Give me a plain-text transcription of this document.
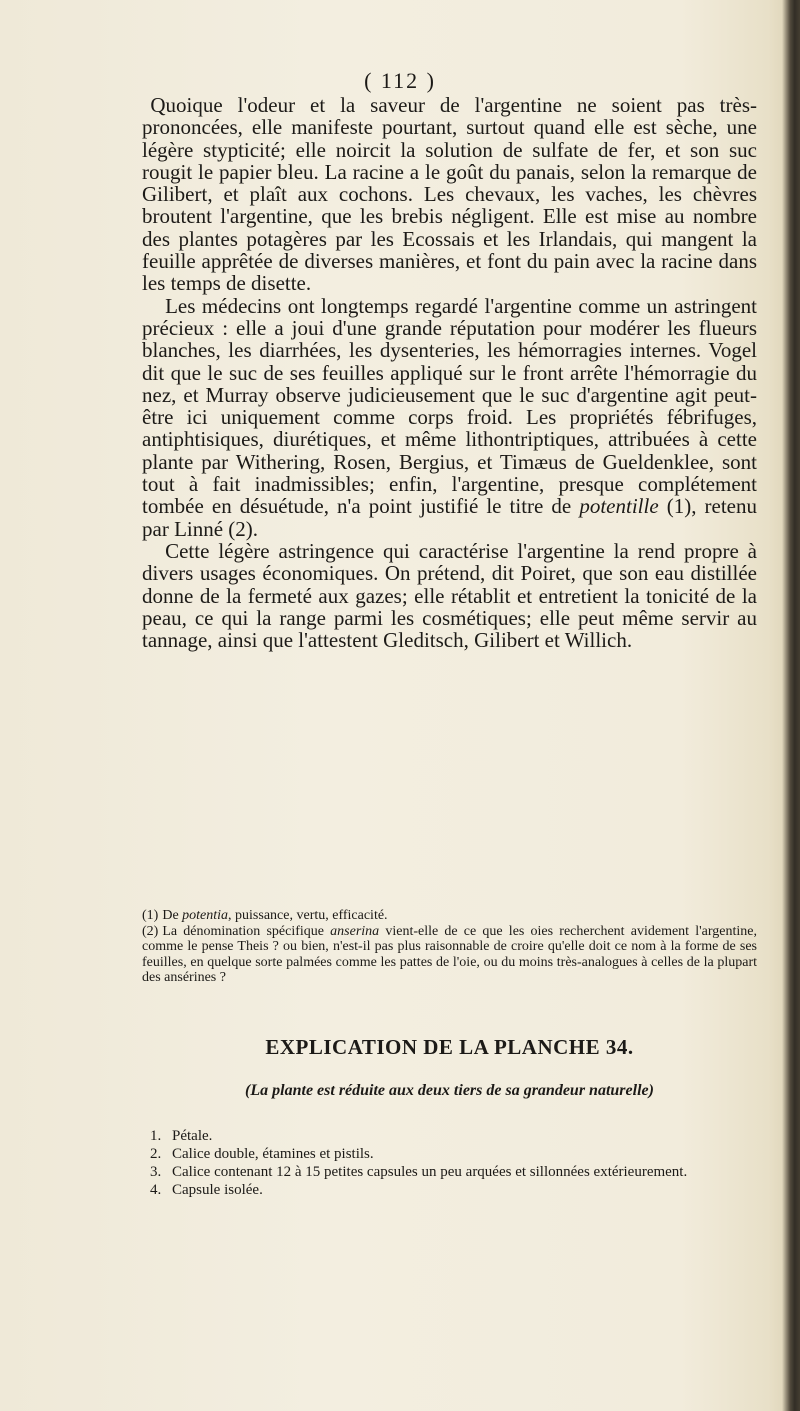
( 112 )

Quoique l'odeur et la saveur de l'argentine ne soient pas très-prononcées, elle manifeste pourtant, surtout quand elle est sèche, une légère stypticité; elle noircit la solution de sulfate de fer, et son suc rougit le papier bleu. La racine a le goût du panais, selon la remarque de Gilibert, et plaît aux cochons. Les chevaux, les vaches, les chèvres broutent l'argentine, que les brebis négligent. Elle est mise au nombre des plantes potagères par les Ecossais et les Irlandais, qui mangent la feuille apprêtée de diverses manières, et font du pain avec la racine dans les temps de disette.

Les médecins ont longtemps regardé l'argentine comme un astringent précieux : elle a joui d'une grande réputation pour modérer les flueurs blanches, les diarrhées, les dysenteries, les hémorragies internes. Vogel dit que le suc de ses feuilles appliqué sur le front arrête l'hémorragie du nez, et Murray observe judicieusement que le suc d'argentine agit peut-être ici uniquement comme corps froid. Les propriétés fébrifuges, antiphtisiques, diurétiques, et même lithontriptiques, attribuées à cette plante par Withering, Rosen, Bergius, et Timæus de Gueldenklee, sont tout à fait inadmissibles; enfin, l'argentine, presque complétement tombée en désuétude, n'a point justifié le titre de potentille (1), retenu par Linné (2).

Cette légère astringence qui caractérise l'argentine la rend propre à divers usages économiques. On prétend, dit Poiret, que son eau distillée donne de la fermeté aux gazes; elle rétablit et entretient la tonicité de la peau, ce qui la range parmi les cosmétiques; elle peut même servir au tannage, ainsi que l'attestent Gleditsch, Gilibert et Willich.

(1) De potentia, puissance, vertu, efficacité.

(2) La dénomination spécifique anserina vient-elle de ce que les oies recherchent avidement l'argentine, comme le pense Theis ? ou bien, n'est-il pas plus raisonnable de croire qu'elle doit ce nom à la forme de ses feuilles, en quelque sorte palmées comme les pattes de l'oie, ou du moins très-analogues à celles de la plupart des ansérines ?

EXPLICATION DE LA PLANCHE 34.
(La plante est réduite aux deux tiers de sa grandeur naturelle)

1. Pétale.

2. Calice double, étamines et pistils.

3. Calice contenant 12 à 15 petites capsules un peu arquées et sillonnées extérieurement.

4. Capsule isolée.
